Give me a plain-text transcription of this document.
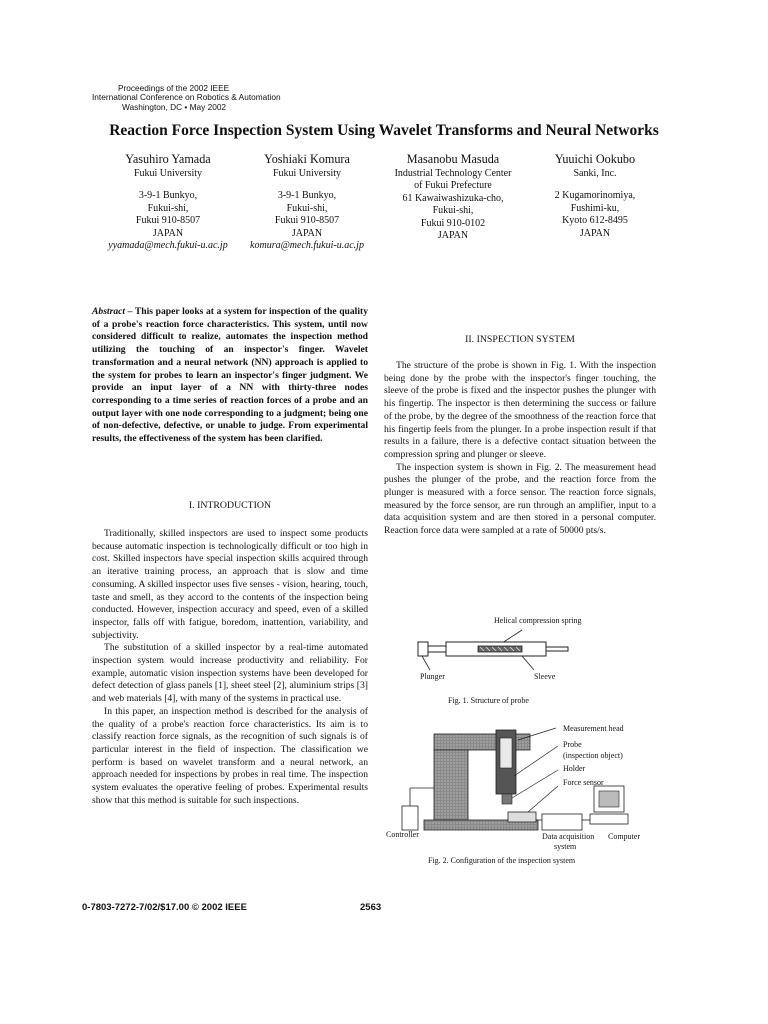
Proceedings of the 2002 IEEE
International Conference on Robotics & Automation
Washington, DC • May 2002
Reaction Force Inspection System Using Wavelet Transforms and Neural Networks
Yasuhiro Yamada
Fukui University
3-9-1 Bunkyo,
Fukui-shi,
Fukui 910-8507
JAPAN
yyamada@mech.fukui-u.ac.jp
Yoshiaki Komura
Fukui University
3-9-1 Bunkyo,
Fukui-shi,
Fukui 910-8507
JAPAN
komura@mech.fukui-u.ac.jp
Masanobu Masuda
Industrial Technology Center
of Fukui Prefecture
61 Kawaiwashizuka-cho,
Fukui-shi,
Fukui 910-0102
JAPAN
Yuuichi Ookubo
Sanki, Inc.
2 Kugamorinomiya,
Fushimi-ku,
Kyoto 612-8495
JAPAN

Abstract – This paper looks at a system for inspection of the quality of a probe's reaction force characteristics. This system, until now considered difficult to realize, automates the inspection method utilizing the touching of an inspector's finger. Wavelet transformation and a neural network (NN) approach is applied to the system for probes to learn an inspector's finger judgment. We provide an input layer of a NN with thirty-three nodes corresponding to a time series of reaction forces of a probe and an output layer with one node corresponding to a judgment; being one of non-defective, defective, or unable to judge. From experimental results, the effectiveness of the system has been clarified.

I. INTRODUCTION

Traditionally, skilled inspectors are used to inspect some products because automatic inspection is technologically difficult or too high in cost. Skilled inspectors have special inspection skills acquired through an iterative training process, an approach that is slow and time consuming. A skilled inspector uses five senses - vision, hearing, touch, taste and smell, as they accord to the contents of the inspection being conducted. However, inspection accuracy and speed, even of a skilled inspector, falls off with fatigue, boredom, inattention, variability, and subjectivity.

The substitution of a skilled inspector by a real-time automated inspection system would increase productivity and reliability. For example, automatic vision inspection systems have been developed for defect detection of glass panels [1], sheet steel [2], aluminium strips [3] and web materials [4], with many of the systems in practical use.

In this paper, an inspection method is described for the analysis of the quality of a probe's reaction force characteristics. Its aim is to classify reaction force signals, as the recognition of such signals is of particular interest in the field of inspection. The classification we perform is based on wavelet transform and a neural network, an approach needed for inspections by probes in real time. The inspection system evaluates the operative feeling of probes. Experimental results show that this method is suitable for such inspections.

II. INSPECTION SYSTEM

The structure of the probe is shown in Fig. 1. With the inspection being done by the probe with the inspector's finger touching, the sleeve of the probe is fixed and the inspector pushes the plunger with his fingertip. The inspector is then determining the success or failure of the probe, by the degree of the smoothness of the reaction force that his fingertip feels from the plunger. In a probe inspection result if that results in a failure, there is a defective contact situation between the compression spring and plunger or sleeve.

The inspection system is shown in Fig. 2. The measurement head pushes the plunger of the probe, and the reaction force from the plunger is measured with a force sensor. The reaction force signals, measured by the force sensor, are run through an amplifier, input to a data acquisition system and are then stored in a personal computer. Reaction force data were sampled at a rate of 50000 pts/s.

Helical compression spring
Plunger	Sleeve
Fig. 1. Structure of probe
Measurement head
Probe
(inspection object)
Holder
Force sensor
Controller	Data acquisition
system
Computer
Fig. 2. Configuration of the inspection system
0-7803-7272-7/02/$17.00 © 2002 IEEE	2563
